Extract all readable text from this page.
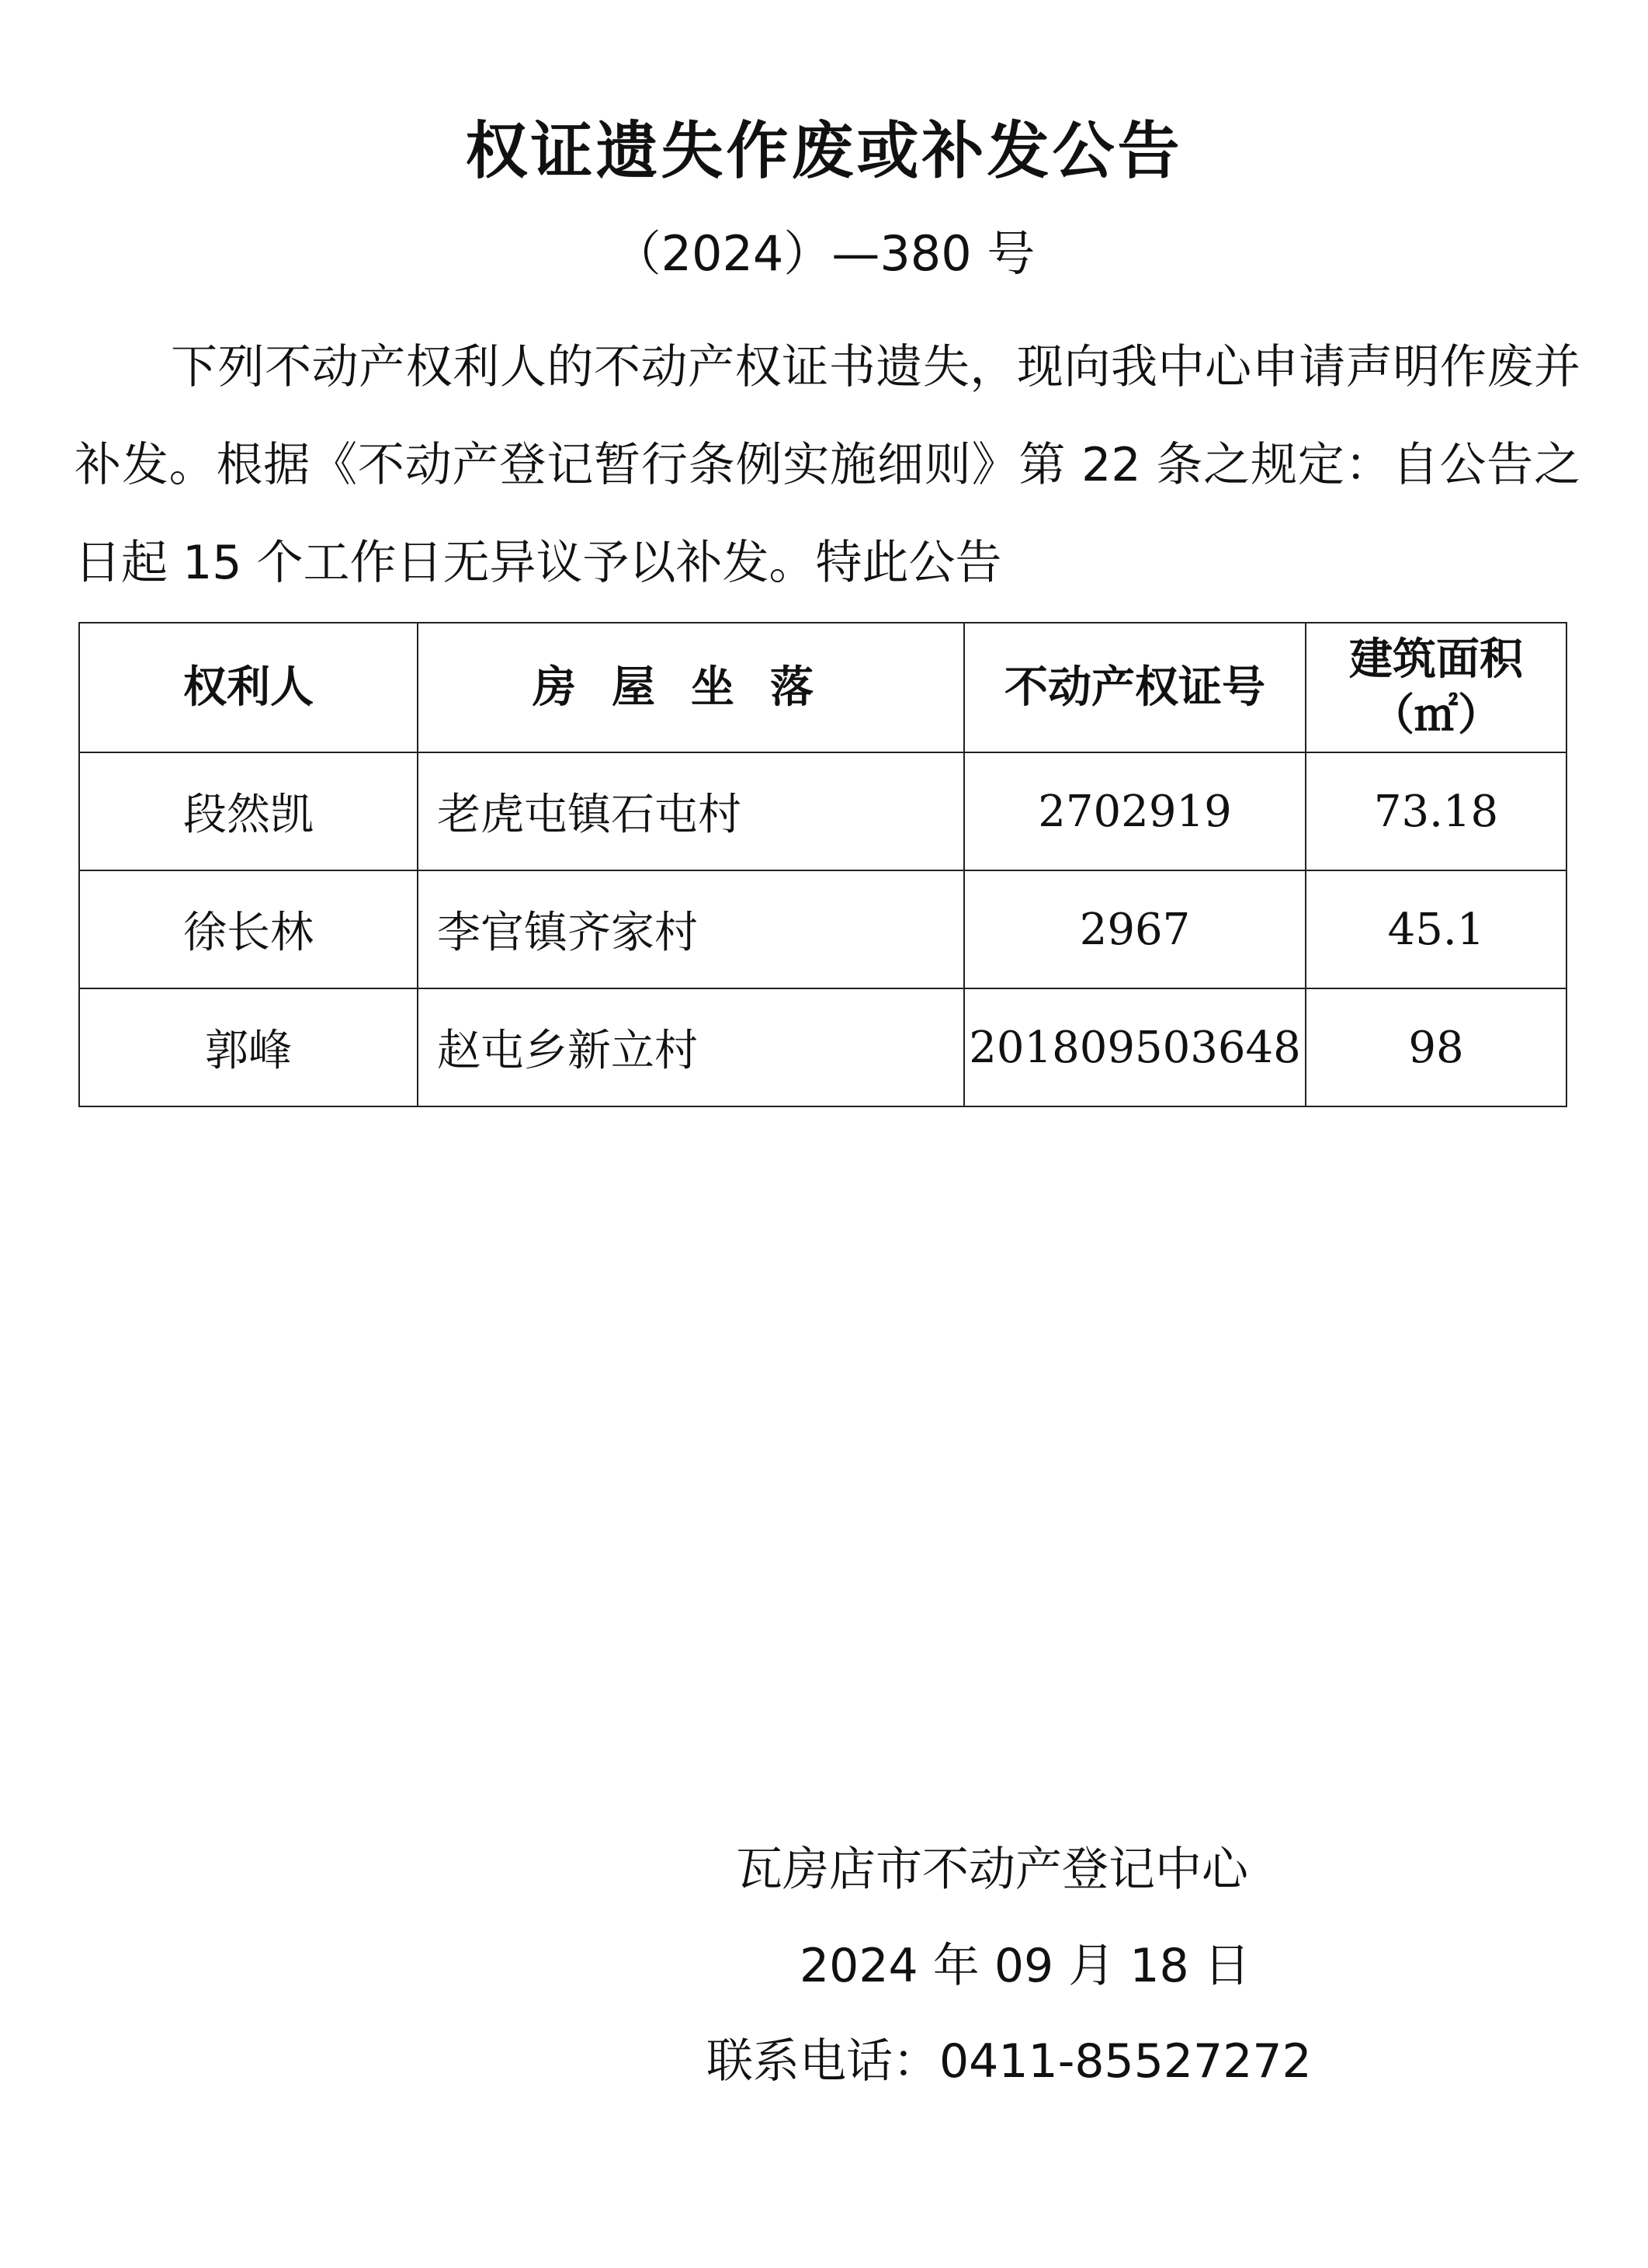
权证遗失作废或补发公告
（2024）—380 号
下列不动产权利人的不动产权证书遗失，现向我中心申请声明作废并补发。根据《不动产登记暂行条例实施细则》第 22 条之规定：自公告之日起 15 个工作日无异议予以补发。特此公告
权利人	房屋坐落	不动产权证号	建筑面积
（㎡）

段然凯	老虎屯镇石屯村	2702919	73.18
徐长林	李官镇齐家村	2967	45.1
郭峰	赵屯乡新立村	201809503648	98
瓦房店市不动产登记中心
2024 年 09 月 18 日
联系电话：0411-85527272
